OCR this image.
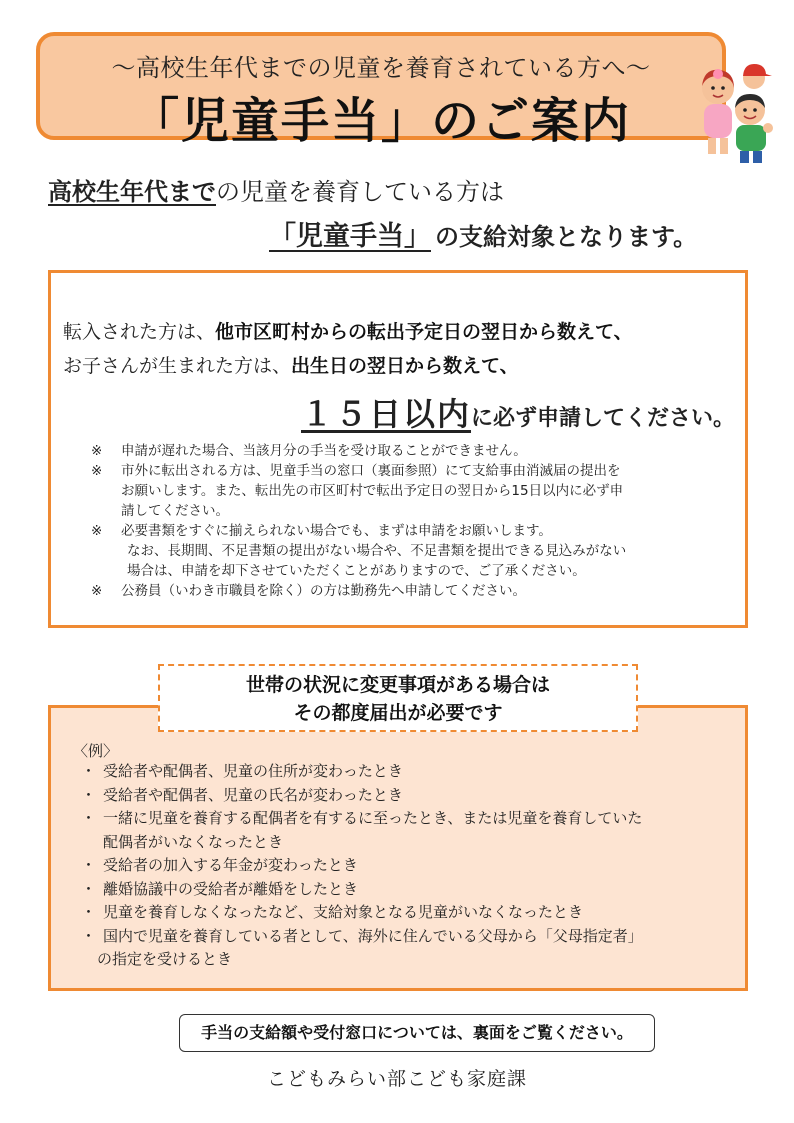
～高校生年代までの児童を養育されている方へ～
「児童手当」のご案内
高校生年代までの児童を養育している方は
「児童手当」 の支給対象となります。
転入された方は、他市区町村からの転出予定日の翌日から数えて、
お子さんが生まれた方は、出生日の翌日から数えて、
１５日以内に必ず申請してください。
※	申請が遅れた場合、当該月分の手当を受け取ることができません。
※	市外に転出される方は、児童手当の窓口（裏面参照）にて支給事由消滅届の提出を
お願いします。また、転出先の市区町村で転出予定日の翌日から15日以内に必ず申
請してください。
※	必要書類をすぐに揃えられない場合でも、まずは申請をお願いします。
なお、長期間、不足書類の提出がない場合や、不足書類を提出できる見込みがない
場合は、申請を却下させていただくことがありますので、ご了承ください。
※	公務員（いわき市職員を除く）の方は勤務先へ申請してください。
〈例〉
・ 受給者や配偶者、児童の住所が変わったとき
・ 受給者や配偶者、児童の氏名が変わったとき
・ 一緒に児童を養育する配偶者を有するに至ったとき、または児童を養育していた
配偶者がいなくなったとき
・ 受給者の加入する年金が変わったとき
・ 離婚協議中の受給者が離婚をしたとき
・ 児童を養育しなくなったなど、支給対象となる児童がいなくなったとき
・ 国内で児童を養育している者として、海外に住んでいる父母から「父母指定者」
の指定を受けるとき
世帯の状況に変更事項がある場合は
その都度届出が必要です
手当の支給額や受付窓口については、裏面をご覧ください。
こどもみらい部こども家庭課
